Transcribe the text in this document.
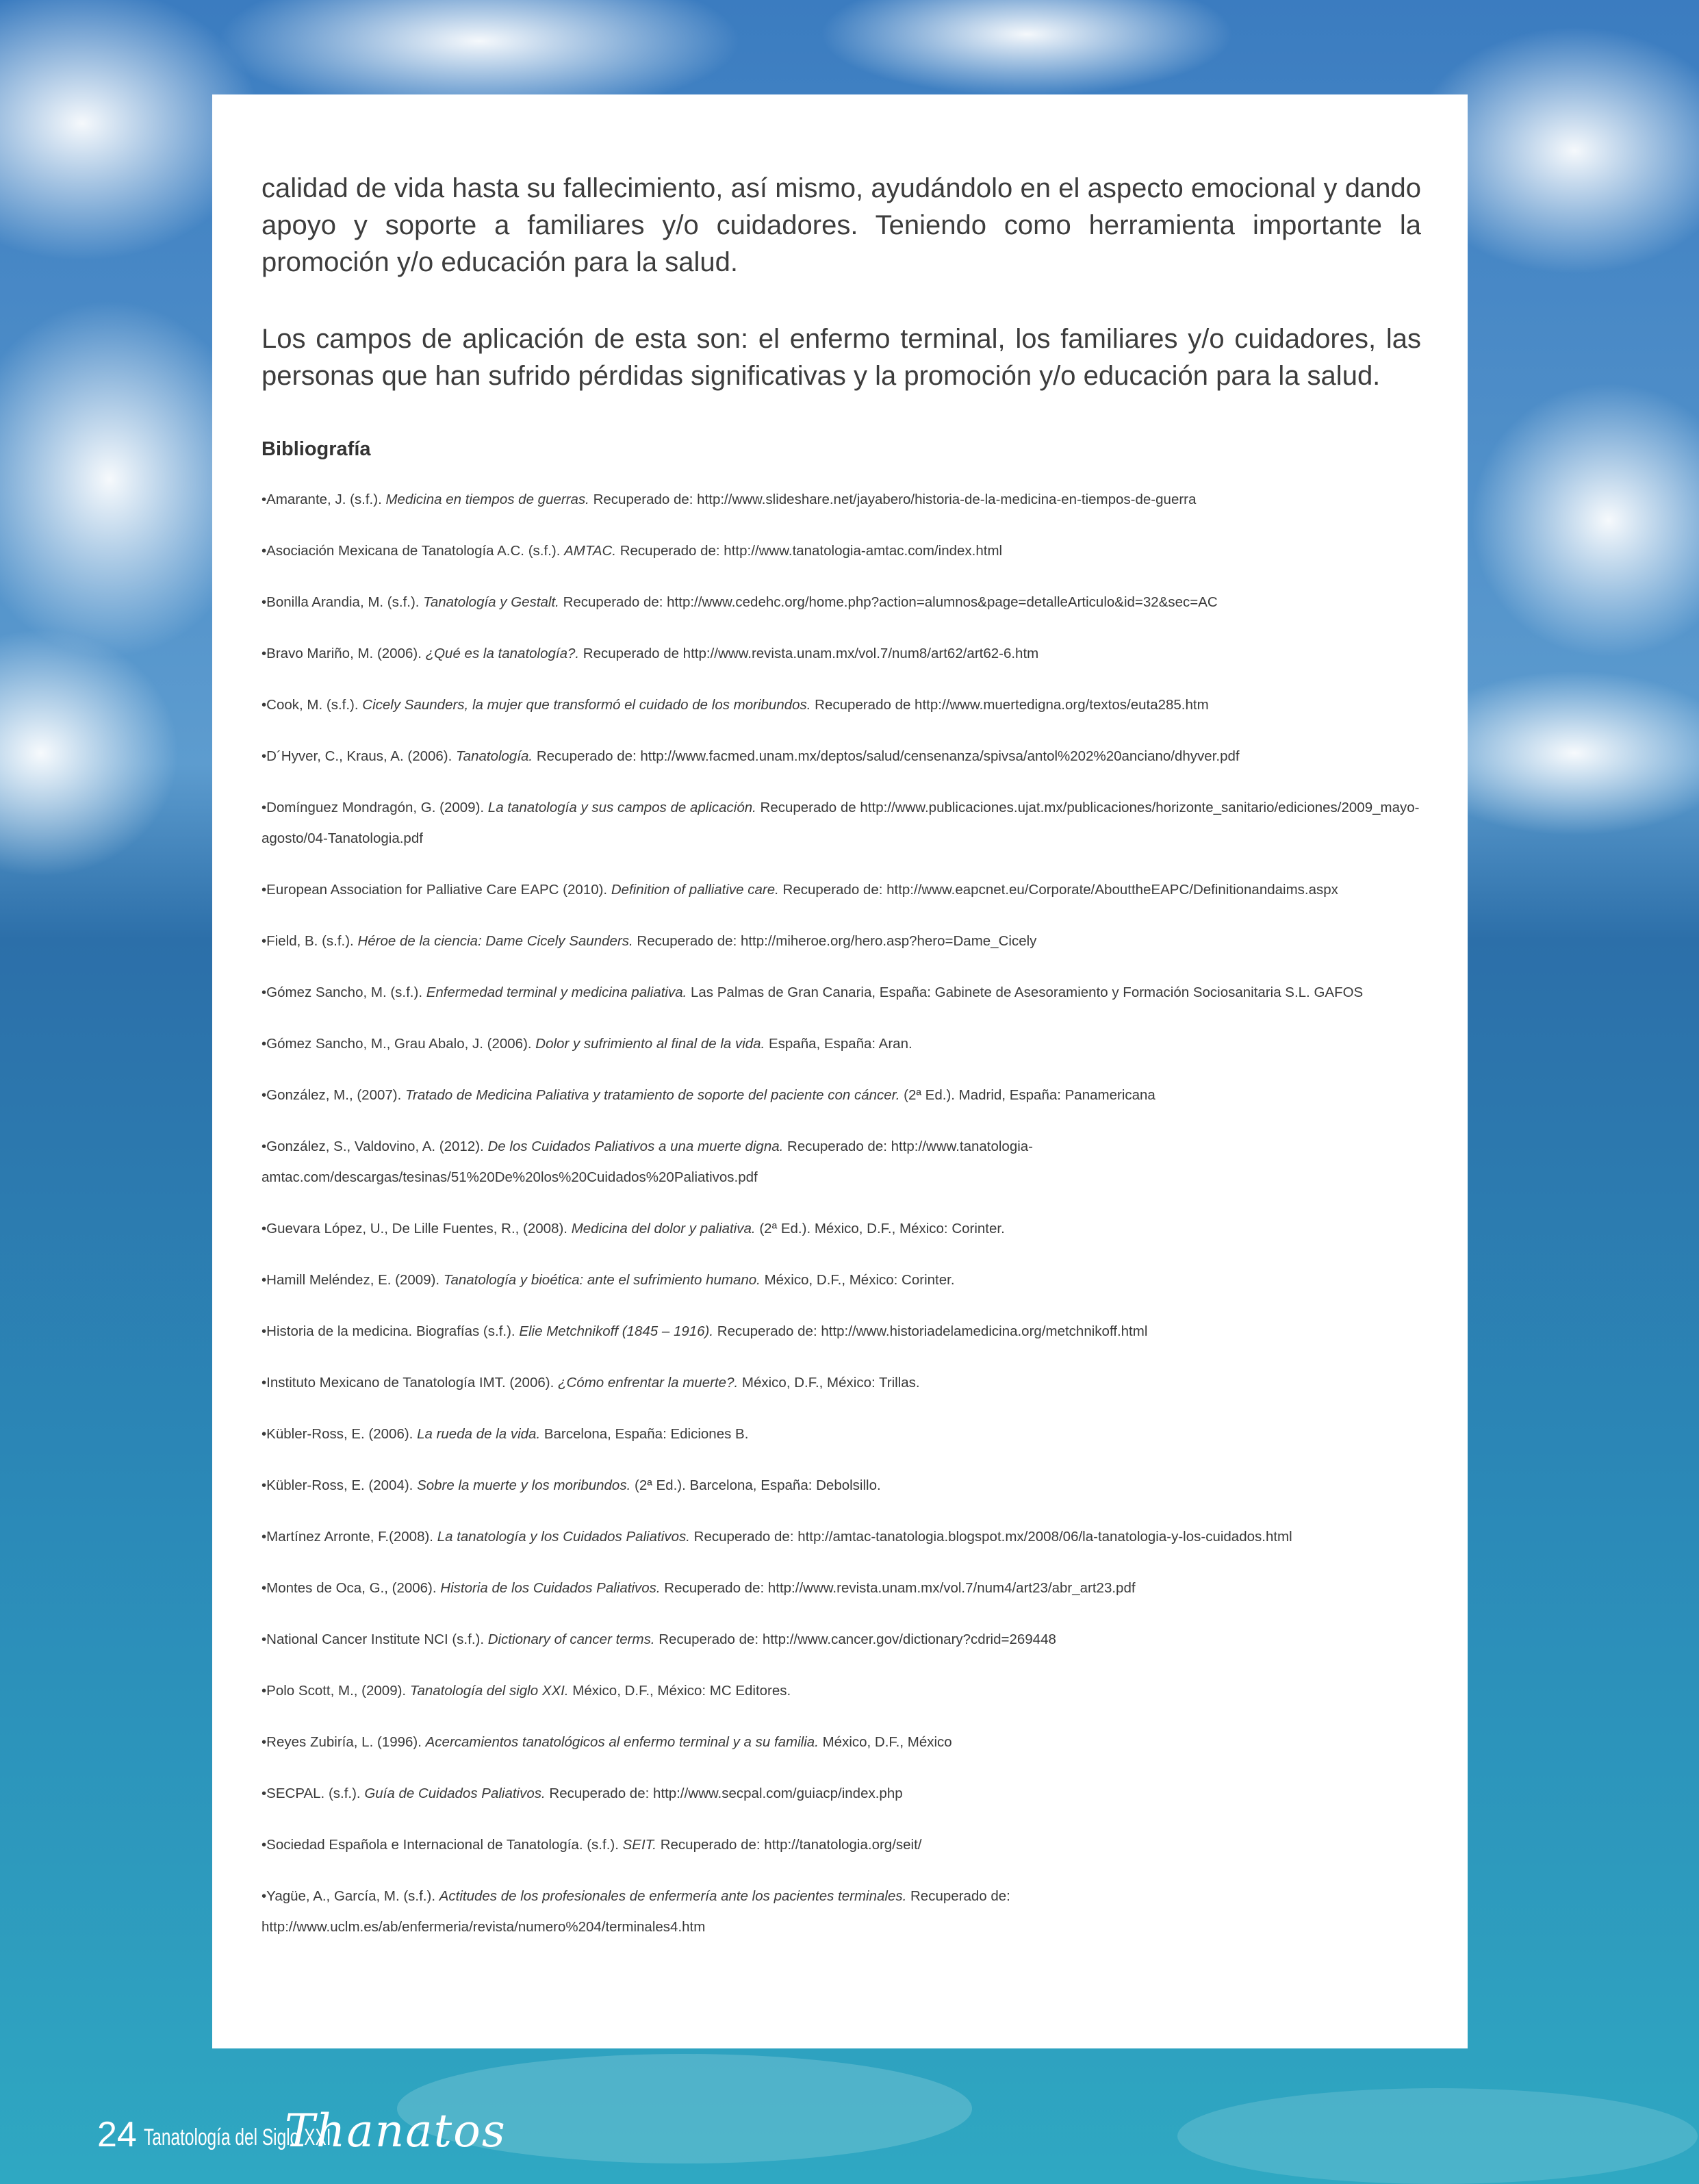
calidad de vida hasta su fallecimiento, así mismo, ayudándolo en el aspecto emocional y dando apoyo y soporte a familiares y/o cuidadores. Teniendo como herramienta importante la promoción y/o educación para la salud.

Los campos de aplicación de esta son: el enfermo terminal, los familiares y/o cuidadores, las personas que han sufrido pérdidas significativas y la promoción y/o educación para la salud.

Bibliografía
•Amarante, J. (s.f.). Medicina en tiempos de guerras. Recuperado de: http://www.slideshare.net/jayabero/historia-de-la-medicina-en-tiempos-de-guerra
•Asociación Mexicana de Tanatología A.C. (s.f.). AMTAC. Recuperado de: http://www.tanatologia-amtac.com/index.html
•Bonilla Arandia, M. (s.f.). Tanatología y Gestalt. Recuperado de: http://www.cedehc.org/home.php?action=alumnos&page=detalleArticulo&id=32&sec=AC
•Bravo Mariño, M. (2006). ¿Qué es la tanatología?. Recuperado de http://www.revista.unam.mx/vol.7/num8/art62/art62-6.htm
•Cook, M. (s.f.). Cicely Saunders, la mujer que transformó el cuidado de los moribundos. Recuperado de http://www.muertedigna.org/textos/euta285.htm
•D´Hyver, C., Kraus, A. (2006). Tanatología. Recuperado de: http://www.facmed.unam.mx/deptos/salud/censenanza/spivsa/antol%202%20anciano/dhyver.pdf
•Domínguez Mondragón, G. (2009). La tanatología y sus campos de aplicación. Recuperado de http://www.publicaciones.ujat.mx/publicaciones/horizonte_sanitario/ediciones/2009_mayo-agosto/04-Tanatologia.pdf
•European Association for Palliative Care EAPC (2010). Definition of palliative care. Recuperado de: http://www.eapcnet.eu/Corporate/AbouttheEAPC/Definitionandaims.aspx
•Field, B. (s.f.). Héroe de la ciencia: Dame Cicely Saunders. Recuperado de: http://miheroe.org/hero.asp?hero=Dame_Cicely
•Gómez Sancho, M. (s.f.). Enfermedad terminal y medicina paliativa. Las Palmas de Gran Canaria, España: Gabinete de Asesoramiento y Formación Sociosanitaria S.L. GAFOS
•Gómez Sancho, M., Grau Abalo, J. (2006). Dolor y sufrimiento al final de la vida. España, España: Aran.
•González, M., (2007). Tratado de Medicina Paliativa y tratamiento de soporte del paciente con cáncer. (2ª Ed.). Madrid, España: Panamericana
•González, S., Valdovino, A. (2012). De los Cuidados Paliativos a una muerte digna. Recuperado de: http://www.tanatologia-amtac.com/descargas/tesinas/51%20De%20los%20Cuidados%20Paliativos.pdf
•Guevara López, U., De Lille Fuentes, R., (2008). Medicina del dolor y paliativa. (2ª Ed.). México, D.F., México: Corinter.
•Hamill Meléndez, E. (2009). Tanatología y bioética: ante el sufrimiento humano. México, D.F., México: Corinter.
•Historia de la medicina. Biografías (s.f.). Elie Metchnikoff (1845 – 1916). Recuperado de: http://www.historiadelamedicina.org/metchnikoff.html
•Instituto Mexicano de Tanatología IMT. (2006). ¿Cómo enfrentar la muerte?. México, D.F., México: Trillas.
•Kübler-Ross, E. (2006). La rueda de la vida. Barcelona, España: Ediciones B.
•Kübler-Ross, E. (2004). Sobre la muerte y los moribundos. (2ª Ed.). Barcelona, España: Debolsillo.
•Martínez Arronte, F.(2008). La tanatología y los Cuidados Paliativos. Recuperado de: http://amtac-tanatologia.blogspot.mx/2008/06/la-tanatologia-y-los-cuidados.html
•Montes de Oca, G., (2006). Historia de los Cuidados Paliativos. Recuperado de: http://www.revista.unam.mx/vol.7/num4/art23/abr_art23.pdf
•National Cancer Institute NCI (s.f.). Dictionary of cancer terms. Recuperado de: http://www.cancer.gov/dictionary?cdrid=269448
•Polo Scott, M., (2009). Tanatología del siglo XXI. México, D.F., México: MC Editores.
•Reyes Zubiría, L. (1996). Acercamientos tanatológicos al enfermo terminal y a su familia. México, D.F., México
•SECPAL. (s.f.). Guía de Cuidados Paliativos. Recuperado de: http://www.secpal.com/guiacp/index.php
•Sociedad Española e Internacional de Tanatología. (s.f.). SEIT. Recuperado de: http://tanatologia.org/seit/
•Yagüe, A., García, M. (s.f.). Actitudes de los profesionales de enfermería ante los pacientes terminales. Recuperado de: http://www.uclm.es/ab/enfermeria/revista/numero%204/terminales4.htm
24 Tanatología del Siglo XXI
Thanatos
